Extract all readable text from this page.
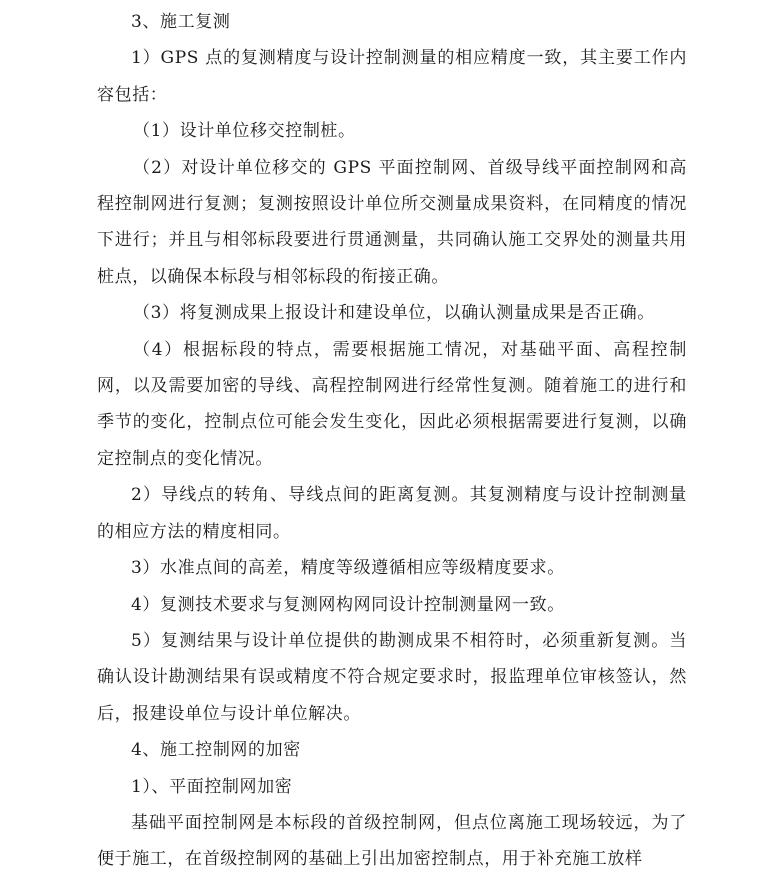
3、施工复测

1）GPS 点的复测精度与设计控制测量的相应精度一致，其主要工作内容包括：

（1）设计单位移交控制桩。

（2）对设计单位移交的 GPS 平面控制网、首级导线平面控制网和高程控制网进行复测；复测按照设计单位所交测量成果资料，在同精度的情况下进行；并且与相邻标段要进行贯通测量，共同确认施工交界处的测量共用桩点，以确保本标段与相邻标段的衔接正确。

（3）将复测成果上报设计和建设单位，以确认测量成果是否正确。

（4）根据标段的特点，需要根据施工情况，对基础平面、高程控制网，以及需要加密的导线、高程控制网进行经常性复测。随着施工的进行和季节的变化，控制点位可能会发生变化，因此必须根据需要进行复测，以确定控制点的变化情况。

2）导线点的转角、导线点间的距离复测。其复测精度与设计控制测量的相应方法的精度相同。

3）水准点间的高差，精度等级遵循相应等级精度要求。

4）复测技术要求与复测网构网同设计控制测量网一致。

5）复测结果与设计单位提供的勘测成果不相符时，必须重新复测。当确认设计勘测结果有误或精度不符合规定要求时，报监理单位审核签认，然后，报建设单位与设计单位解决。

4、施工控制网的加密

1）、平面控制网加密

基础平面控制网是本标段的首级控制网，但点位离施工现场较远，为了便于施工，在首级控制网的基础上引出加密控制点，用于补充施工放样
